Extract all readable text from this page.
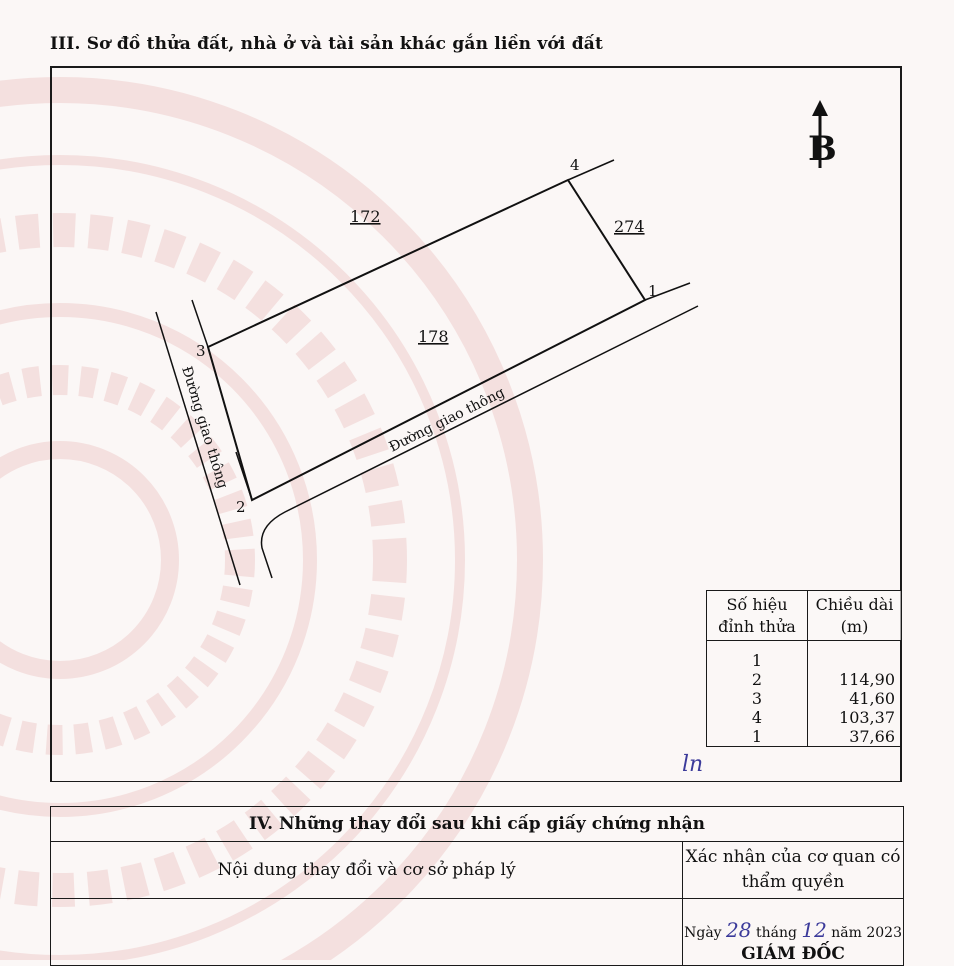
III. Sơ đồ thửa đất, nhà ở và tài sản khác gắn liền với đất
B
172
274
178
1
2
3
4
Đường giao thông	Đường giao thông
Số hiệu đỉnh thửa	Chiều dài (m)
1	
2	114,90
3	41,60
4	103,37
1	37,66
ln
IV. Những thay đổi sau khi cấp giấy chứng nhận	
Nội dung thay đổi và cơ sở pháp lý	Xác nhận của cơ quan có thẩm quyền

	Ngày 28 tháng 12 năm 2023
GIÁM ĐỐC
